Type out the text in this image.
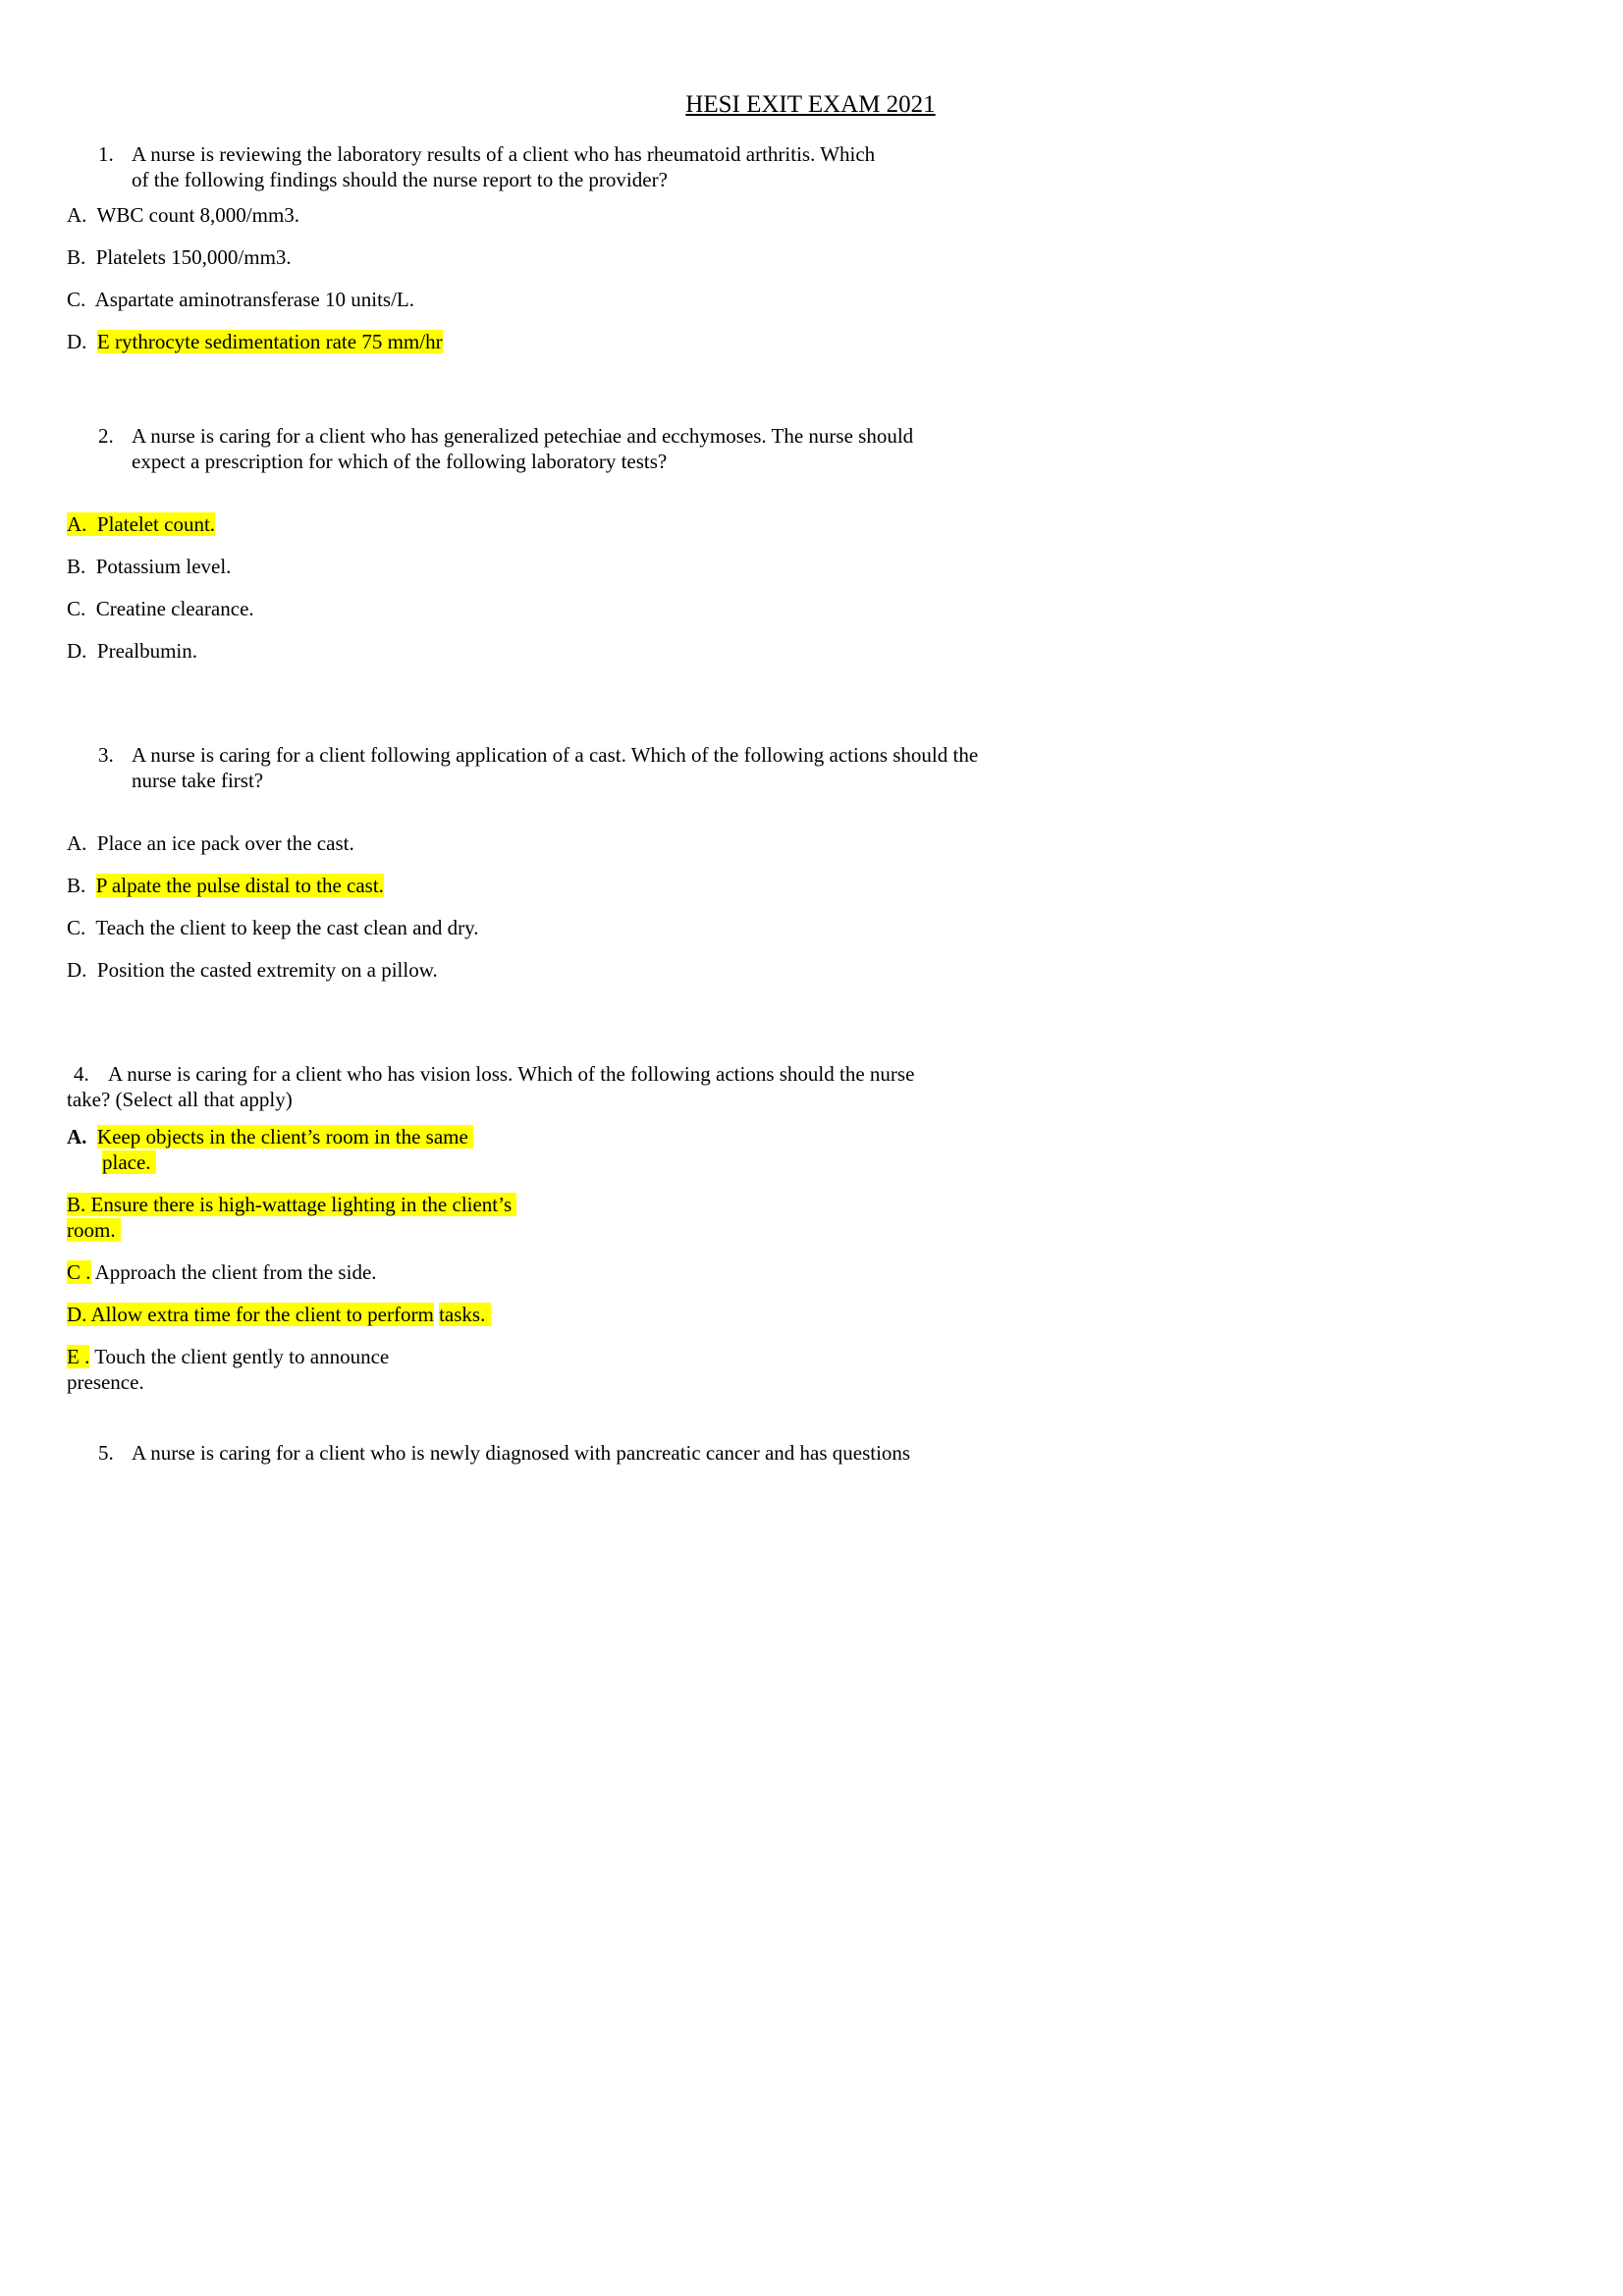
HESI EXIT EXAM 2021
1. A nurse is reviewing the laboratory results of a client who has rheumatoid arthritis. Which
of the following findings should the nurse report to the provider?
A.  WBC count 8,000/mm3.
B.  Platelets 150,000/mm3.
C.  Aspartate aminotransferase 10 units/L.
D.  E rythrocyte sedimentation rate 75 mm/hr
2. A nurse is caring for a client who has generalized petechiae and ecchymoses. The nurse should
expect a prescription for which of the following laboratory tests?
A.  Platelet count.
B.  Potassium level.
C.  Creatine clearance.
D.  Prealbumin.
3. A nurse is caring for a client following application of a cast. Which of the following actions should the
nurse take first?
A.  Place an ice pack over the cast.
B.  P alpate the pulse distal to the cast.
C.  Teach the client to keep the cast clean and dry.
D.  Position the casted extremity on a pillow.
4. A nurse is caring for a client who has vision loss. Which of the following actions should the nurse
take? (Select all that apply)
A. Keep objects in the client’s room in the same
place.
B. Ensure there is high-wattage lighting in the client’s
room.
C . Approach the client from the side.
D. Allow extra time for the client to perform tasks.
E . Touch the client gently to announce
presence.
5. A nurse is caring for a client who is newly diagnosed with pancreatic cancer and has questions
